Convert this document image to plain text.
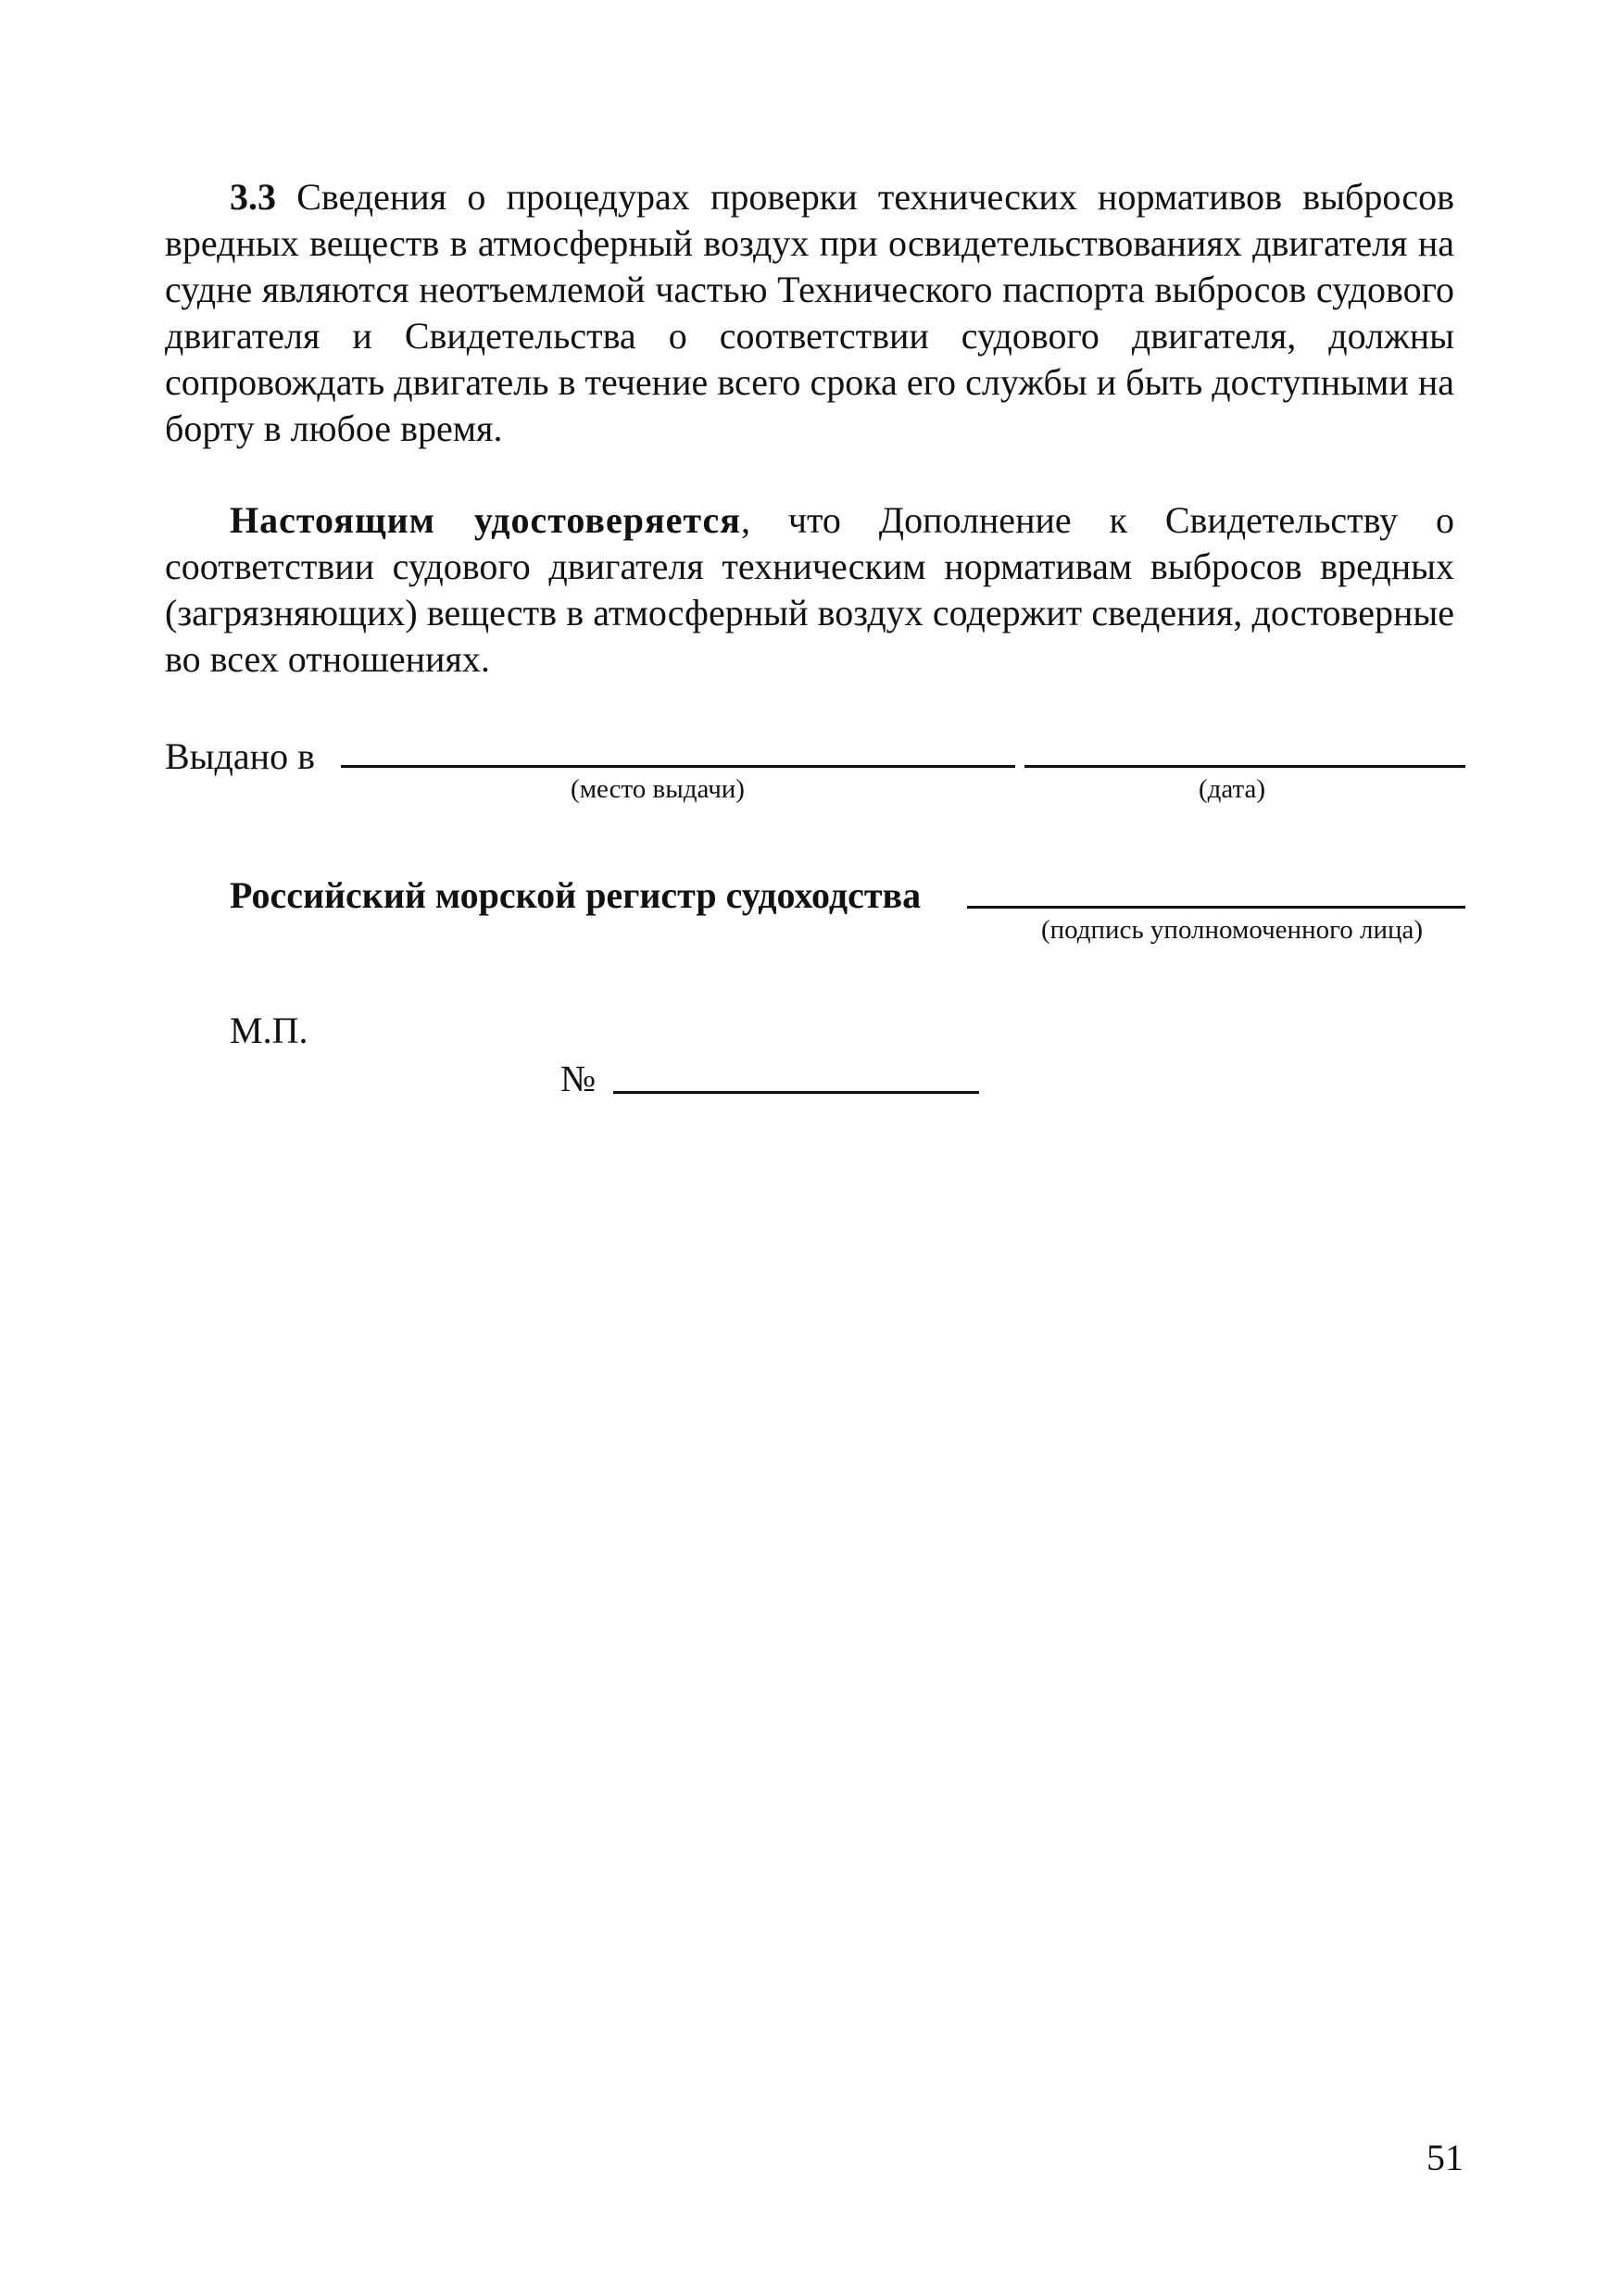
3.3 Сведения о процедурах проверки технических нормативов выбросов вредных веществ в атмосферный воздух при освидетельствованиях двигателя на судне являются неотъемлемой частью Технического паспорта выбросов судового двигателя и Свидетельства о соответствии судового двигателя, должны сопровождать двигатель в течение всего срока его службы и быть доступными на борту в любое время.

Настоящим удостоверяется, что Дополнение к Свидетельству о соответствии судового двигателя техническим нормативам выбросов вредных (загрязняющих) веществ в атмосферный воздух содержит сведения, достоверные во всех отношениях.

Выдано в
(место выдачи)	(дата)
Российский морской регистр судоходства
(подпись уполномоченного лица)
М.П.
№
51
